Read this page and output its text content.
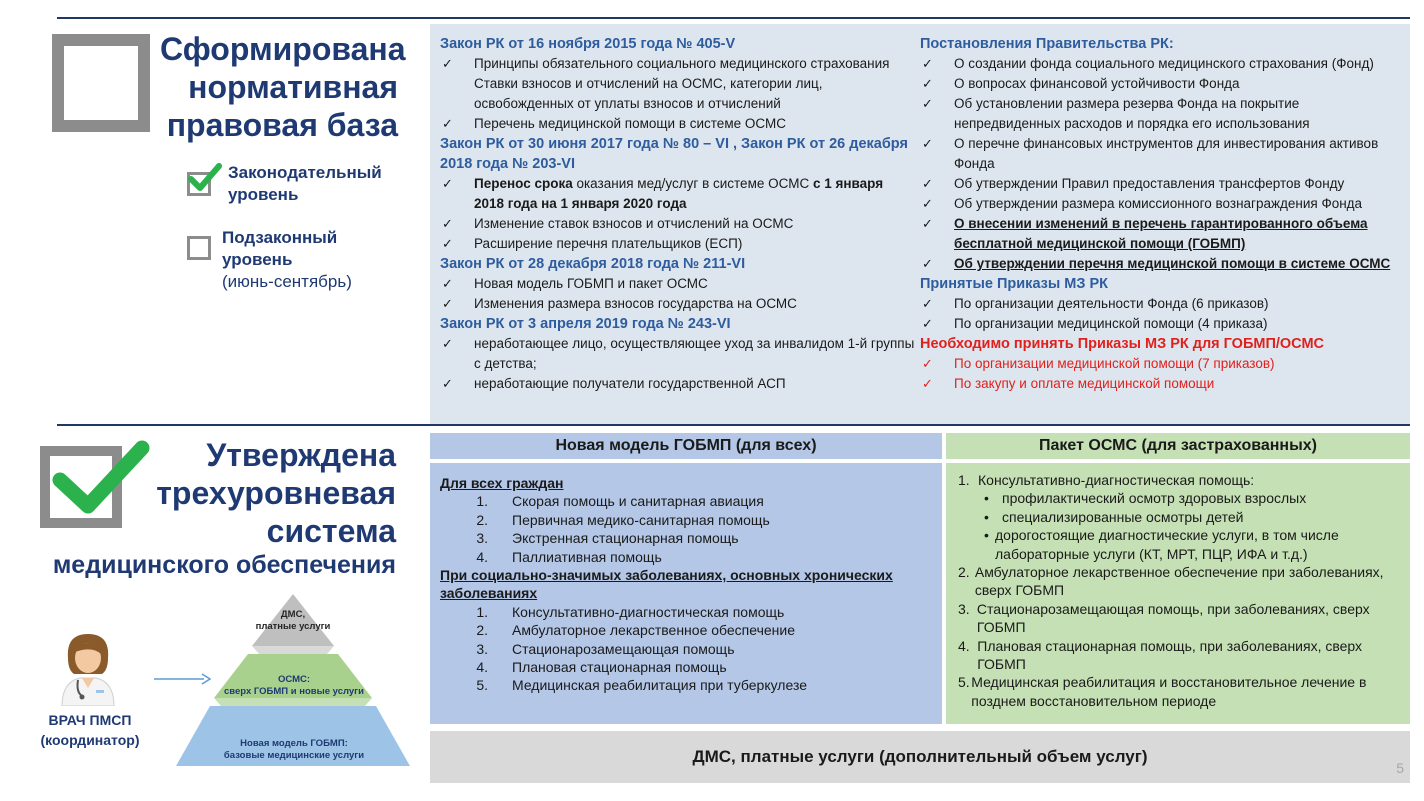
Сформирована
нормативная
правовая база
Законодательный
уровень
Подзаконный
уровень
(июнь-сентябрь)
Закон РК от 16 ноября 2015 года № 405-V
✓ Принципы обязательного социального медицинского страхования
Ставки взносов и отчислений на ОСМС, категории лиц, освобожденных от уплаты взносов и отчислений
✓ Перечень медицинской помощи в системе ОСМС
Закон РК от 30 июня 2017 года № 80 – VI , Закон РК от 26 декабря 2018 года № 203-VI
✓ Перенос срока оказания мед/услуг в системе ОСМС с 1 января 2018 года на 1 января 2020 года
✓ Изменение ставок взносов и отчислений на ОСМС
✓ Расширение перечня плательщиков (ЕСП)
Закон РК от 28 декабря 2018 года № 211-VI
✓ Новая модель ГОБМП и пакет ОСМС
✓ Изменения размера взносов государства на ОСМС
Закон РК от 3 апреля 2019 года № 243-VI
✓ неработающее лицо, осуществляющее уход за инвалидом 1-й группы с детства;
✓ неработающие получатели государственной АСП
Постановления Правительства РК:
✓ О создании фонда социального медицинского страхования (Фонд)
✓ О вопросах финансовой устойчивости Фонда
✓ Об установлении размера резерва Фонда на покрытие непредвиденных расходов и порядка его использования
✓ О перечне финансовых инструментов для инвестирования активов Фонда
✓ Об утверждении Правил предоставления трансфертов Фонду
✓ Об утверждении размера комиссионного вознаграждения Фонда
✓ О внесении изменений в перечень гарантированного объема бесплатной медицинской помощи (ГОБМП)
✓ Об утверждении перечня медицинской помощи в системе ОСМС
Принятые Приказы МЗ РК
✓ По организации деятельности Фонда (6 приказов)
✓ По организации медицинской помощи (4 приказа)
Необходимо принять Приказы МЗ РК для ГОБМП/ОСМС
✓ По организации медицинской помощи (7 приказов)
✓ По закупу и оплате медицинской помощи
Утверждена
трехуровневая
система
медицинского обеспечения
ВРАЧ ПМСП
(координатор)
ДМС,
платные услуги
ОСМС:
сверх ГОБМП и новые услуги
Новая модель ГОБМП:
базовые медицинские услуги
Новая модель ГОБМП (для всех)
Для всех граждан
1.	Скорая помощь и санитарная авиация
2.	Первичная медико-санитарная помощь
3.	Экстренная стационарная помощь
4.	Паллиативная помощь
При социально-значимых заболеваниях, основных хронических заболеваниях
1.	Консультативно-диагностическая помощь
2.	Амбулаторное лекарственное обеспечение
3.	Стационарозамещающая помощь
4.	Плановая стационарная помощь
5.	Медицинская реабилитация при туберкулезе
Пакет ОСМС (для застрахованных)
1. Консультативно-диагностическая помощь:
• профилактический осмотр здоровых взрослых
• специализированные осмотры детей
• дорогостоящие диагностические услуги, в том числе лабораторные услуги (КТ, МРТ, ПЦР, ИФА и т.д.)
2. Амбулаторное лекарственное обеспечение при заболеваниях, сверх ГОБМП
3. Стационарозамещающая помощь, при заболеваниях, сверх ГОБМП
4. Плановая стационарная помощь, при заболеваниях, сверх ГОБМП
5. Медицинская реабилитация и восстановительное лечение в позднем восстановительном периоде
ДМС, платные услуги (дополнительный объем услуг)
5
